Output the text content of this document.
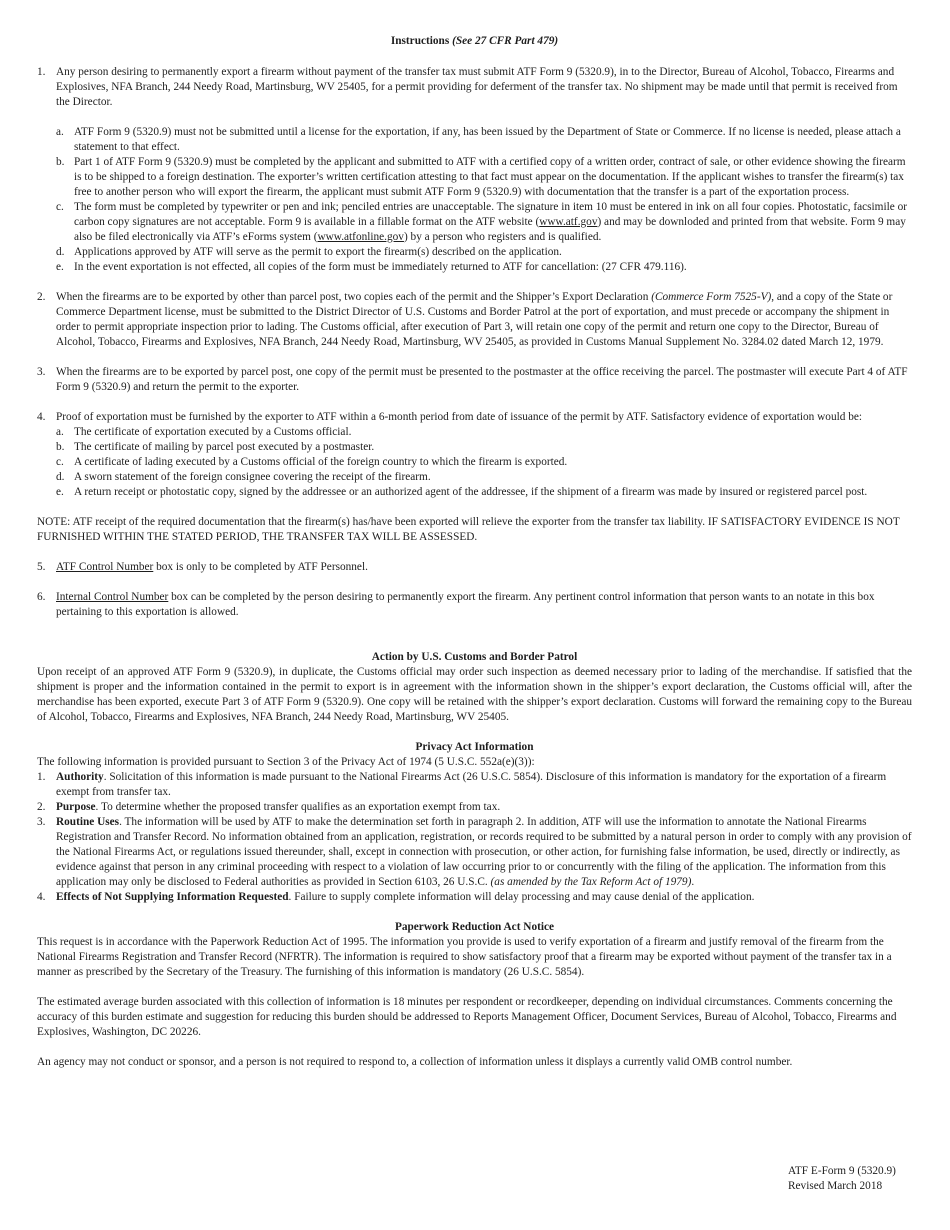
Instructions (See 27 CFR Part 479)
1. Any person desiring to permanently export a firearm without payment of the transfer tax must submit ATF Form 9 (5320.9), in to the Director, Bureau of Alcohol, Tobacco, Firearms and Explosives, NFA Branch, 244 Needy Road, Martinsburg, WV 25405, for a permit providing for deferment of the transfer tax. No shipment may be made until that permit is received from the Director.
a. ATF Form 9 (5320.9) must not be submitted until a license for the exportation, if any, has been issued by the Department of State or Commerce. If no license is needed, please attach a statement to that effect.
b. Part 1 of ATF Form 9 (5320.9) must be completed by the applicant and submitted to ATF with a certified copy of a written order, contract of sale, or other evidence showing the firearm is to be shipped to a foreign destination. The exporter’s written certification attesting to that fact must appear on the documentation. If the applicant wishes to transfer the firearm(s) tax free to another person who will export the firearm, the applicant must submit ATF Form 9 (5320.9) with documentation that the transfer is a part of the exportation process.
c. The form must be completed by typewriter or pen and ink; penciled entries are unacceptable. The signature in item 10 must be entered in ink on all four copies. Photostatic, facsimile or carbon copy signatures are not acceptable. Form 9 is available in a fillable format on the ATF website (www.atf.gov) and may be downloded and printed from that website. Form 9 may also be filed electronically via ATF’s eForms system (www.atfonline.gov) by a person who registers and is qualified.
d. Applications approved by ATF will serve as the permit to export the firearm(s) described on the application.
e. In the event exportation is not effected, all copies of the form must be immediately returned to ATF for cancellation: (27 CFR 479.116).
2. When the firearms are to be exported by other than parcel post, two copies each of the permit and the Shipper’s Export Declaration (Commerce Form 7525-V), and a copy of the State or Commerce Department license, must be submitted to the District Director of U.S. Customs and Border Patrol at the port of exportation, and must precede or accompany the shipment in order to permit appropriate inspection prior to lading. The Customs official, after execution of Part 3, will retain one copy of the permit and return one copy to the Director, Bureau of Alcohol, Tobacco, Firearms and Explosives, NFA Branch, 244 Needy Road, Martinsburg, WV 25405, as provided in Customs Manual Supplement No. 3284.02 dated March 12, 1979.
3. When the firearms are to be exported by parcel post, one copy of the permit must be presented to the postmaster at the office receiving the parcel. The postmaster will execute Part 4 of ATF Form 9 (5320.9) and return the permit to the exporter.
4. Proof of exportation must be furnished by the exporter to ATF within a 6-month period from date of issuance of the permit by ATF. Satisfactory evidence of exportation would be:
a. The certificate of exportation executed by a Customs official.
b. The certificate of mailing by parcel post executed by a postmaster.
c. A certificate of lading executed by a Customs official of the foreign country to which the firearm is exported.
d. A sworn statement of the foreign consignee covering the receipt of the firearm.
e. A return receipt or photostatic copy, signed by the addressee or an authorized agent of the addressee, if the shipment of a firearm was made by insured or registered parcel post.
NOTE: ATF receipt of the required documentation that the firearm(s) has/have been exported will relieve the exporter from the transfer tax liability. IF SATISFACTORY EVIDENCE IS NOT FURNISHED WITHIN THE STATED PERIOD, THE TRANSFER TAX WILL BE ASSESSED.
5. ATF Control Number box is only to be completed by ATF Personnel.
6. Internal Control Number box can be completed by the person desiring to permanently export the firearm. Any pertinent control information that person wants to an notate in this box pertaining to this exportation is allowed.
Action by U.S. Customs and Border Patrol
Upon receipt of an approved ATF Form 9 (5320.9), in duplicate, the Customs official may order such inspection as deemed necessary prior to lading of the merchandise. If satisfied that the shipment is proper and the information contained in the permit to export is in agreement with the information shown in the shipper’s export declaration, the Customs official will, after the merchandise has been exported, execute Part 3 of ATF Form 9 (5320.9). One copy will be retained with the shipper’s export declaration. Customs will forward the remaining copy to the Bureau of Alcohol, Tobacco, Firearms and Explosives, NFA Branch, 244 Needy Road, Martinsburg, WV 25405.
Privacy Act Information
The following information is provided pursuant to Section 3 of the Privacy Act of 1974 (5 U.S.C. 552a(e)(3)):
1. Authority. Solicitation of this information is made pursuant to the National Firearms Act (26 U.S.C. 5854). Disclosure of this information is mandatory for the exportation of a firearm exempt from transfer tax.
2. Purpose. To determine whether the proposed transfer qualifies as an exportation exempt from tax.
3. Routine Uses. The information will be used by ATF to make the determination set forth in paragraph 2. In addition, ATF will use the information to annotate the National Firearms Registration and Transfer Record. No information obtained from an application, registration, or records required to be submitted by a natural person in order to comply with any provision of the National Firearms Act, or regulations issued thereunder, shall, except in connection with prosecution, or other action, for furnishing false information, be used, directly or indirectly, as evidence against that person in any criminal proceeding with respect to a violation of law occurring prior to or concurrently with the filing of the application. The information from this application may only be disclosed to Federal authorities as provided in Section 6103, 26 U.S.C. (as amended by the Tax Reform Act of 1979).
4. Effects of Not Supplying Information Requested. Failure to supply complete information will delay processing and may cause denial of the application.
Paperwork Reduction Act Notice
This request is in accordance with the Paperwork Reduction Act of 1995. The information you provide is used to verify exportation of a firearm and justify removal of the firearm from the National Firearms Registration and Transfer Record (NFRTR). The information is required to show satisfactory proof that a firearm may be exported without payment of the transfer tax in a manner as prescribed by the Secretary of the Treasury. The furnishing of this information is mandatory (26 U.S.C. 5854).
The estimated average burden associated with this collection of information is 18 minutes per respondent or recordkeeper, depending on individual circumstances. Comments concerning the accuracy of this burden estimate and suggestion for reducing this burden should be addressed to Reports Management Officer, Document Services, Bureau of Alcohol, Tobacco, Firearms and Explosives, Washington, DC 20226.
An agency may not conduct or sponsor, and a person is not required to respond to, a collection of information unless it displays a currently valid OMB control number.
ATF E-Form 9 (5320.9)
Revised March 2018
